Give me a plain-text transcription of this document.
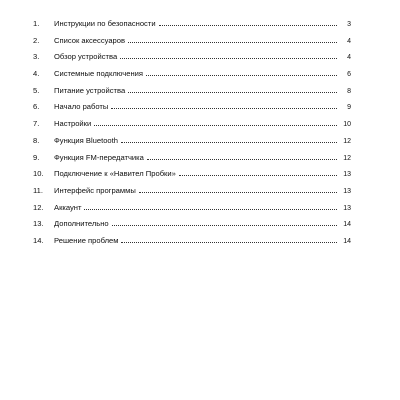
1.	Инструкции по безопасности	3
2.	Список аксессуаров	4
3.	Обзор устройства	4
4.	Системные подключения	6
5.	Питание устройства	8
6.	Начало работы	9
7.	Настройки	10
8.	Функция Bluetooth	12
9.	Функция FM-передатчика	12
10.	Подключение к «Навител Пробки»	13
11.	Интерфейс программы	13
12.	Аккаунт	13
13.	Дополнительно	14
14.	Решение проблем	14
